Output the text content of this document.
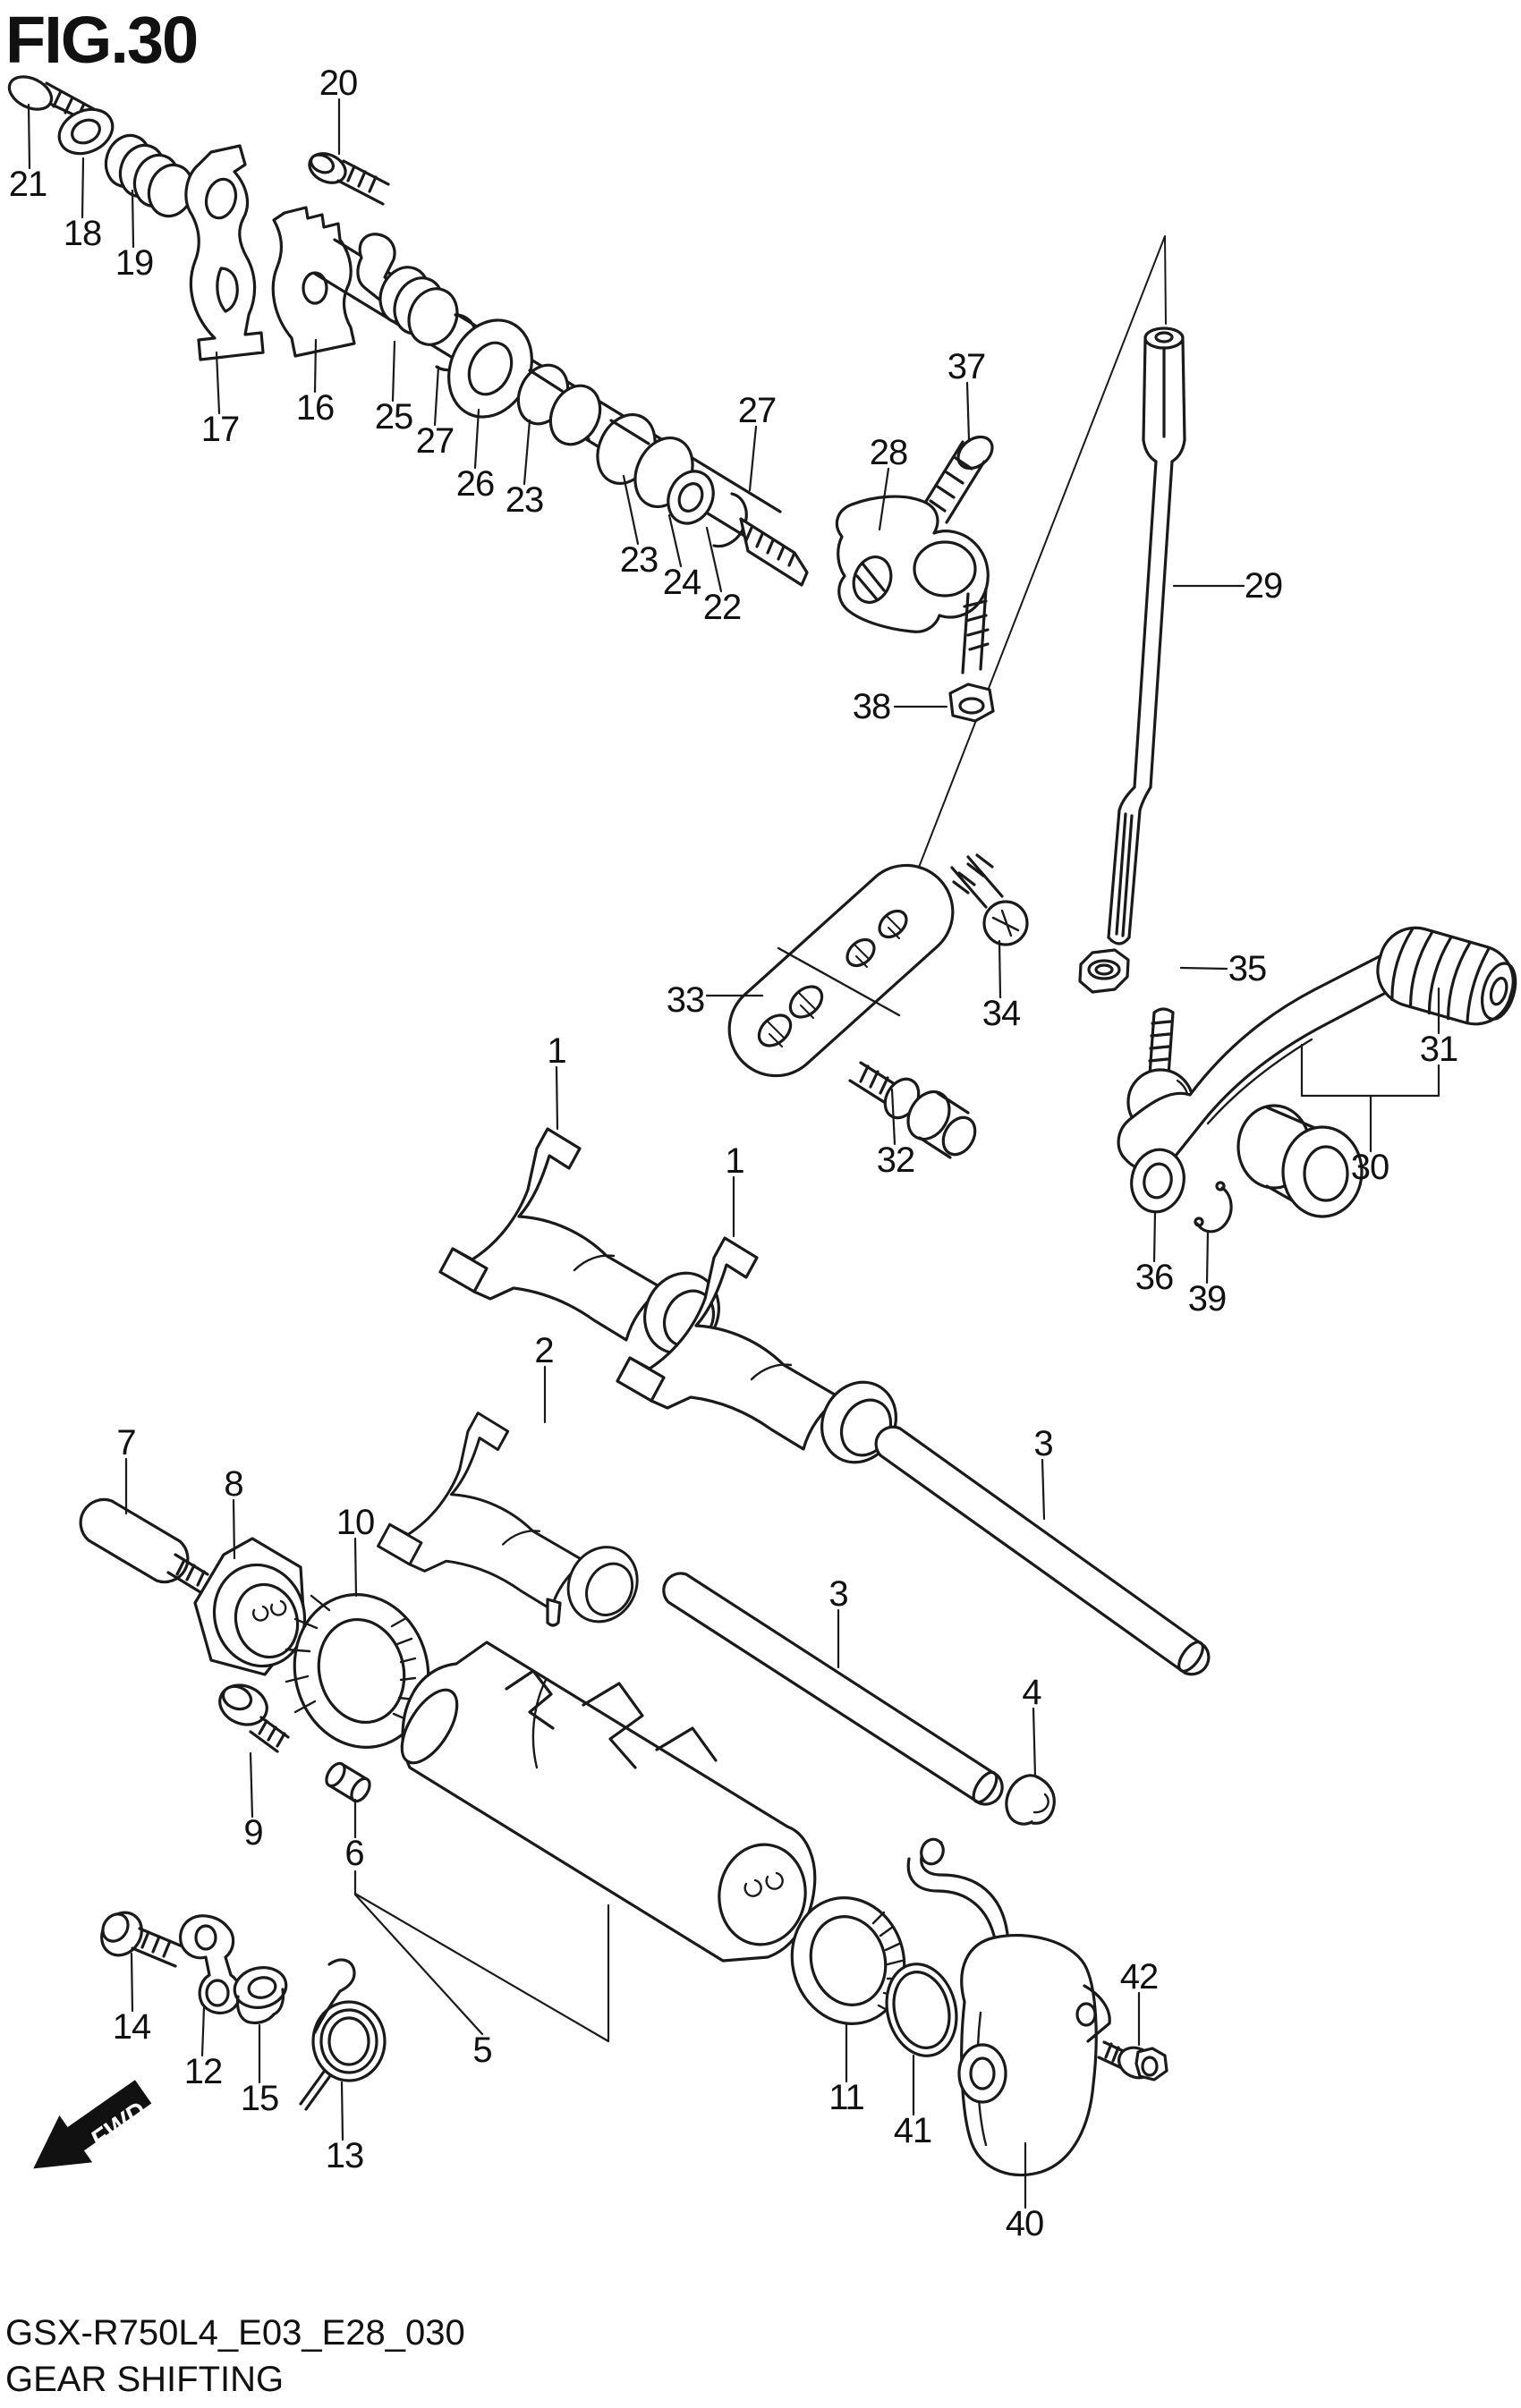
FWD
FIG.30
21
18
19
17
16
20
25
27
26 23
23
24
22
27
28
37
38
29
33	34
35
32
31
30
36
39
1
1
2
3
3
4
7
8
10
9
6
5
14
12
15
13
11
41
40
42
GSX-R750L4_E03_E28_030
GEAR SHIFTING
